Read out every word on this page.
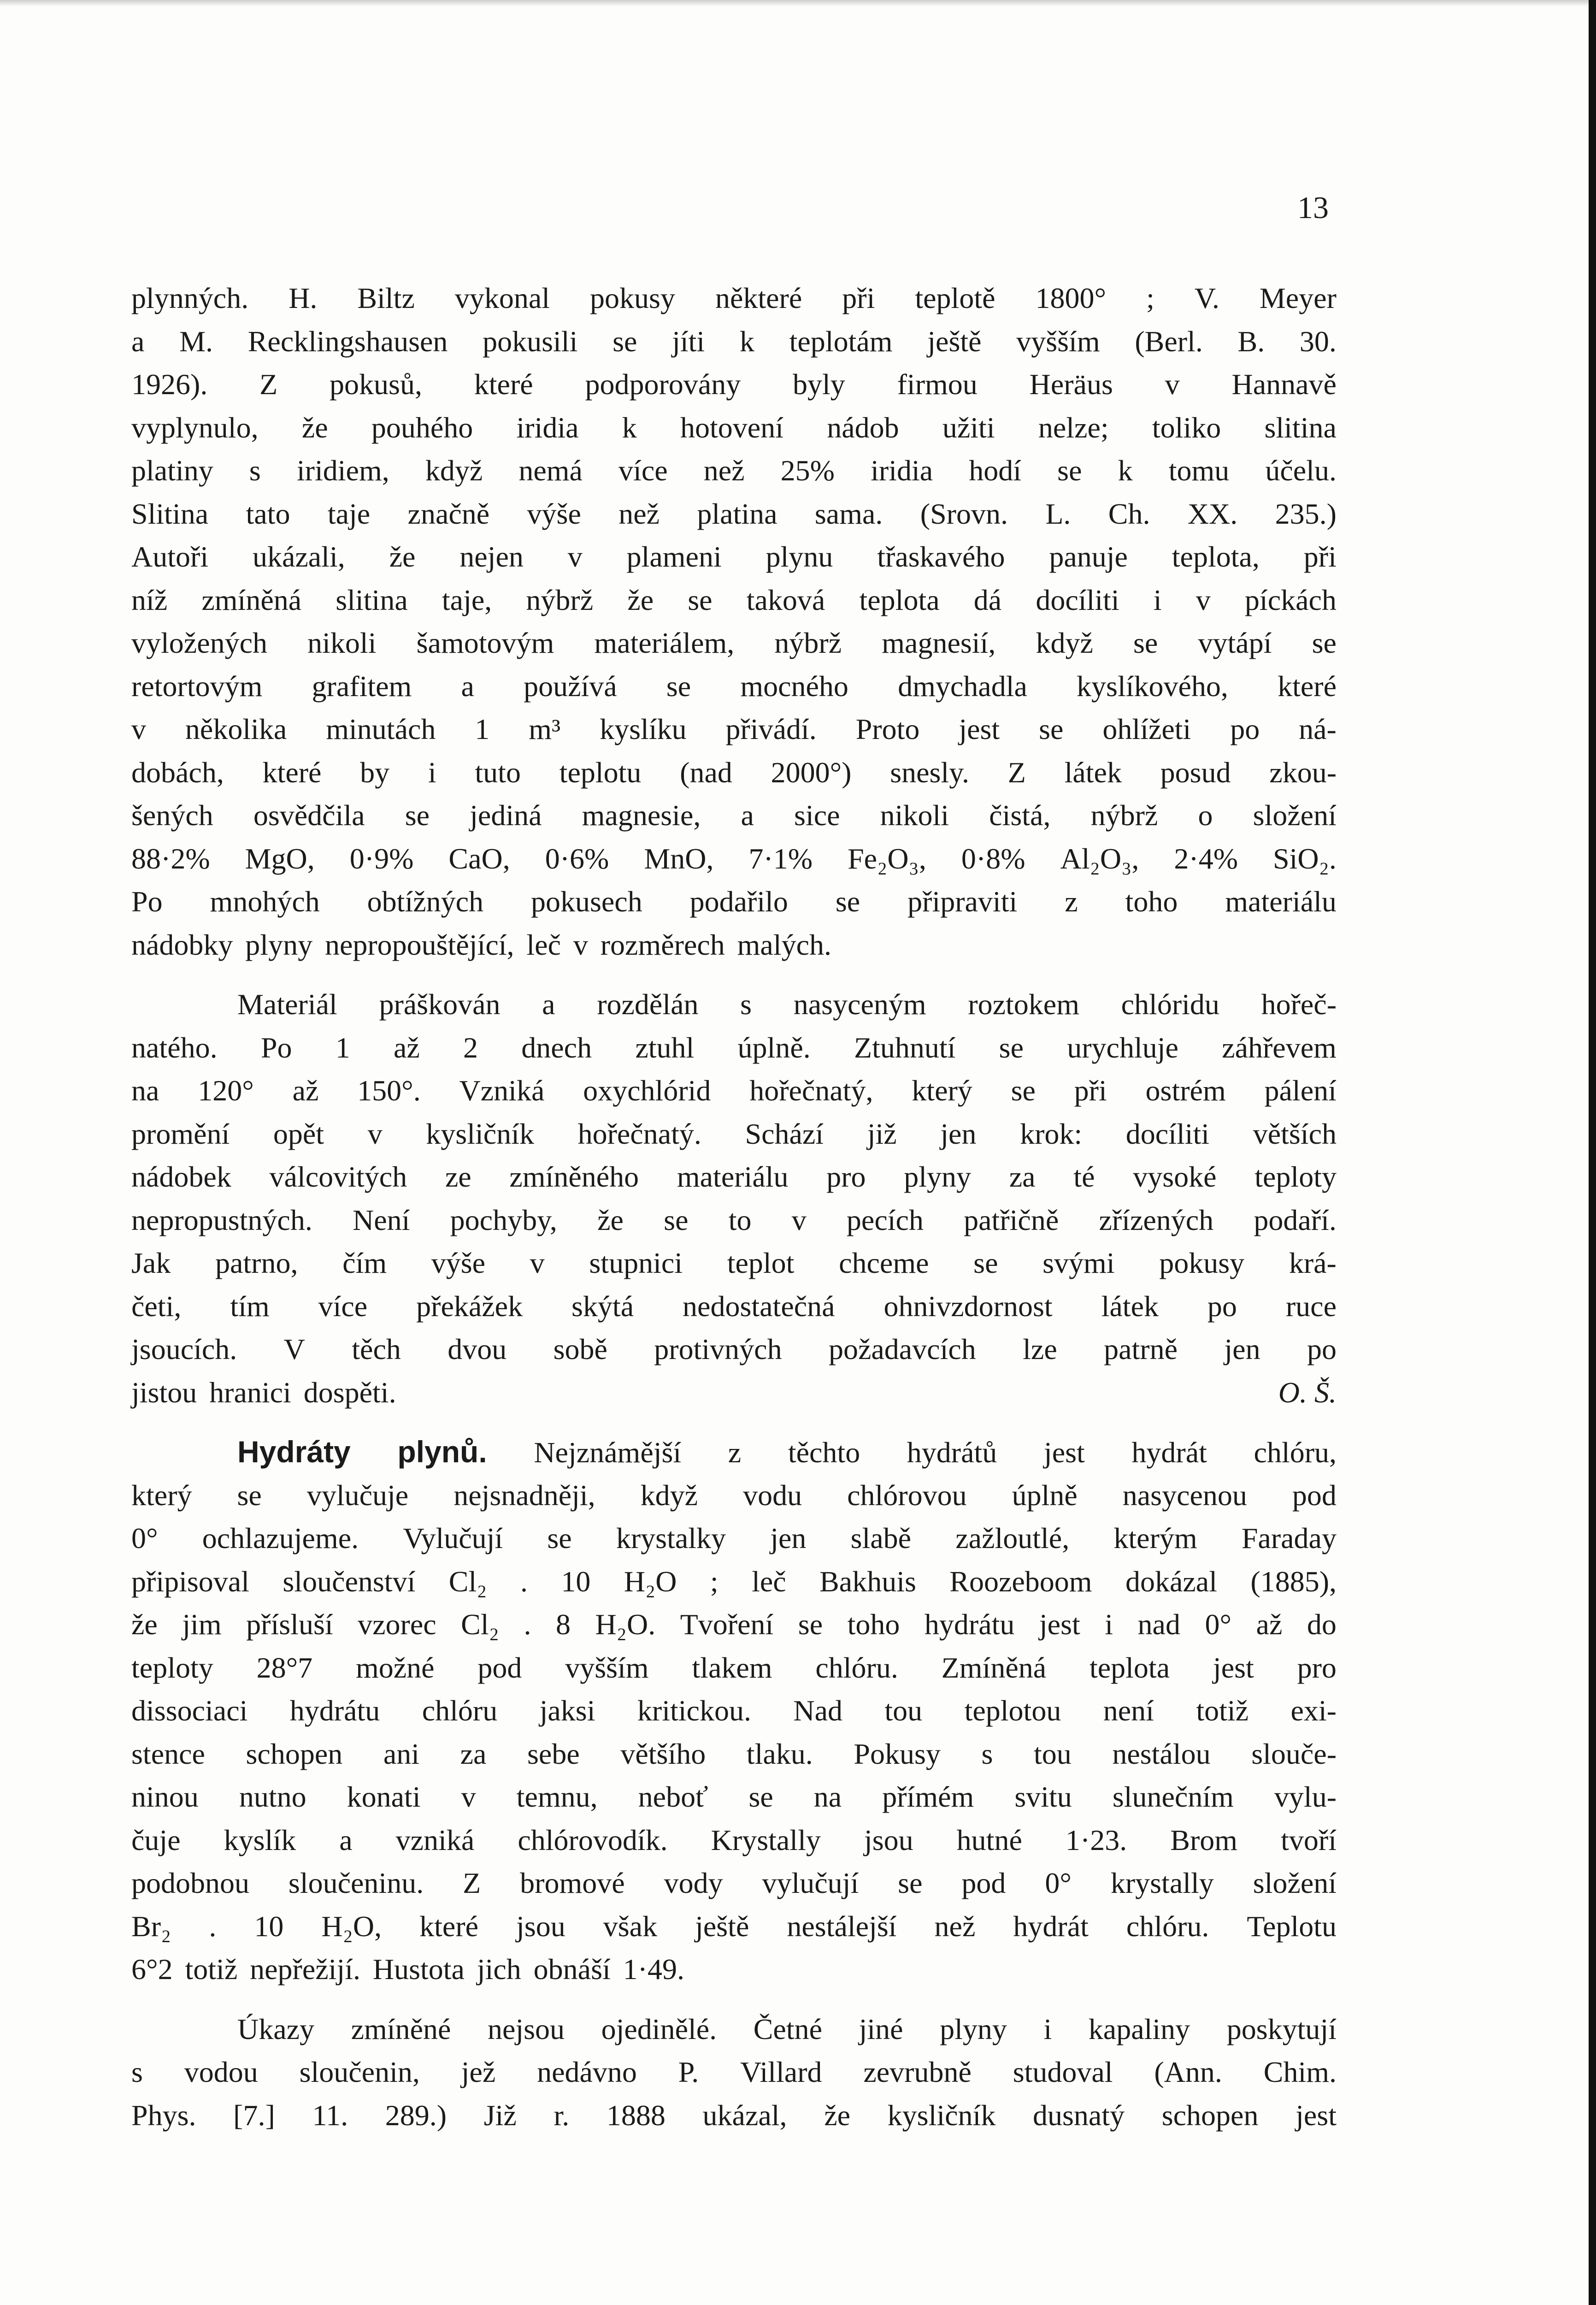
13
plynných. H. Biltz vykonal pokusy některé při teplotě 1800° ; V. Meyer
a M. Recklingshausen pokusili se jíti k teplotám ještě vyšším (Berl. B. 30.
1926). Z pokusů, které podporovány byly firmou Heräus v Hannavě
vyplynulo, že pouhého iridia k hotovení nádob užiti nelze; toliko slitina
platiny s iridiem, když nemá více než 25% iridia hodí se k tomu účelu.
Slitina tato taje značně výše než platina sama. (Srovn. L. Ch. XX. 235.)
Autoři ukázali, že nejen v plameni plynu třaskavého panuje teplota, při
níž zmíněná slitina taje, nýbrž že se taková teplota dá docíliti i v píckách
vyložených nikoli šamotovým materiálem, nýbrž magnesií, když se vytápí se
retortovým grafitem a používá se mocného dmychadla kyslíkového, které
v několika minutách 1 m³ kyslíku přivádí. Proto jest se ohlížeti po ná-
dobách, které by i tuto teplotu (nad 2000°) snesly. Z látek posud zkou-
šených osvědčila se jediná magnesie, a sice nikoli čistá, nýbrž o složení
88·2% MgO, 0·9% CaO, 0·6% MnO, 7·1% Fe₂O₃, 0·8% Al₂O₃, 2·4% SiO₂.
Po mnohých obtížných pokusech podařilo se připraviti z toho materiálu
nádobky plyny nepropouštějící, leč v rozměrech malých.
Materiál práškován a rozdělán s nasyceným roztokem chlóridu hořeč-
natého. Po 1 až 2 dnech ztuhl úplně. Ztuhnutí se urychluje záhřevem
na 120° až 150°. Vzniká oxychlórid hořečnatý, který se při ostrém pálení
promění opět v kysličník hořečnatý. Schází již jen krok: docíliti větších
nádobek válcovitých ze zmíněného materiálu pro plyny za té vysoké teploty
nepropustných. Není pochyby, že se to v pecích patřičně zřízených podaří.
Jak patrno, čím výše v stupnici teplot chceme se svými pokusy krá-
četi, tím více překážek skýtá nedostatečná ohnivzdornost látek po ruce
jsoucích. V těch dvou sobě protivných požadavcích lze patrně jen po
jistou hranici dospěti.	O. Š.
Hydráty plynů. Nejznámější z těchto hydrátů jest hydrát chlóru,
který se vylučuje nejsnadněji, když vodu chlórovou úplně nasycenou pod
0° ochlazujeme. Vylučují se krystalky jen slabě zažloutlé, kterým Faraday
připisoval sloučenství Cl₂ . 10 H₂O ; leč Bakhuis Roozeboom dokázal (1885),
že jim přísluší vzorec Cl₂ . 8 H₂O. Tvoření se toho hydrátu jest i nad 0° až do
teploty 28°7 možné pod vyšším tlakem chlóru. Zmíněná teplota jest pro
dissociaci hydrátu chlóru jaksi kritickou. Nad tou teplotou není totiž exi-
stence schopen ani za sebe většího tlaku. Pokusy s tou nestálou slouče-
ninou nutno konati v temnu, neboť se na přímém svitu slunečním vylu-
čuje kyslík a vzniká chlórovodík. Krystally jsou hutné 1·23. Brom tvoří
podobnou sloučeninu. Z bromové vody vylučují se pod 0° krystally složení
Br₂ . 10 H₂O, které jsou však ještě nestálejší než hydrát chlóru. Teplotu
6°2 totiž nepřežijí. Hustota jich obnáší 1·49.
Úkazy zmíněné nejsou ojedinělé. Četné jiné plyny i kapaliny poskytují
s vodou sloučenin, jež nedávno P. Villard zevrubně studoval (Ann. Chim.
Phys. [7.] 11. 289.) Již r. 1888 ukázal, že kysličník dusnatý schopen jest
